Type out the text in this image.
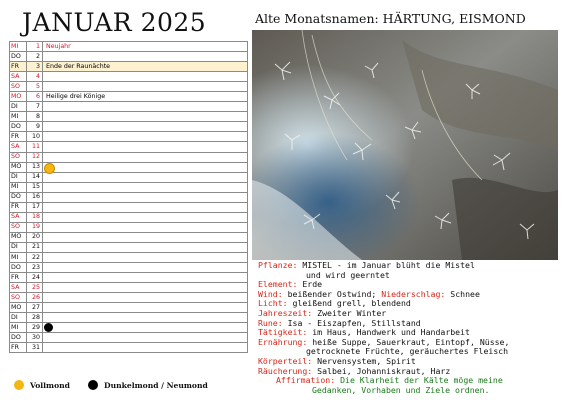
JANUAR 2025	Alte Monatsnamen: HÄRTUNG, EISMOND
MI	1	Neujahr
DO	2	
FR	3	Ende der Raunächte
SA	4	
SO	5	
MO	6	Heilige drei Könige
DI	7	
MI	8	
DO	9	
FR	10	
SA	11	
SO	12	
MO	13	

DI	14	
MI	15	
DO	16	
FR	17	
SA	18	
SO	19	
MO	20	
DI	21	
MI	22	
DO	23	
FR	24	
SA	25	
SO	26	
MO	27	
DI	28	
MI	29	

DO	30	
FR	31	
Vollmond	Dunkelmond / Neumond
Pflanze: MISTEL - im Januar blüht die Mistel
und wird geerntet
Element: Erde
Wind: beißender Ostwind; Niederschlag: Schnee
Licht: gleißend grell, blendend
Jahreszeit: Zweiter Winter
Rune: Isa - Eiszapfen, Stillstand
Tätigkeit: im Haus, Handwerk und Handarbeit
Ernährung: heiße Suppe, Sauerkraut, Eintopf, Nüsse,
getrocknete Früchte, geräuchertes Fleisch
Körperteil: Nervensystem, Spirit
Räucherung: Salbei, Johanniskraut, Harz
Affirmation: Die Klarheit der Kälte möge meine
Gedanken, Vorhaben und Ziele ordnen.
